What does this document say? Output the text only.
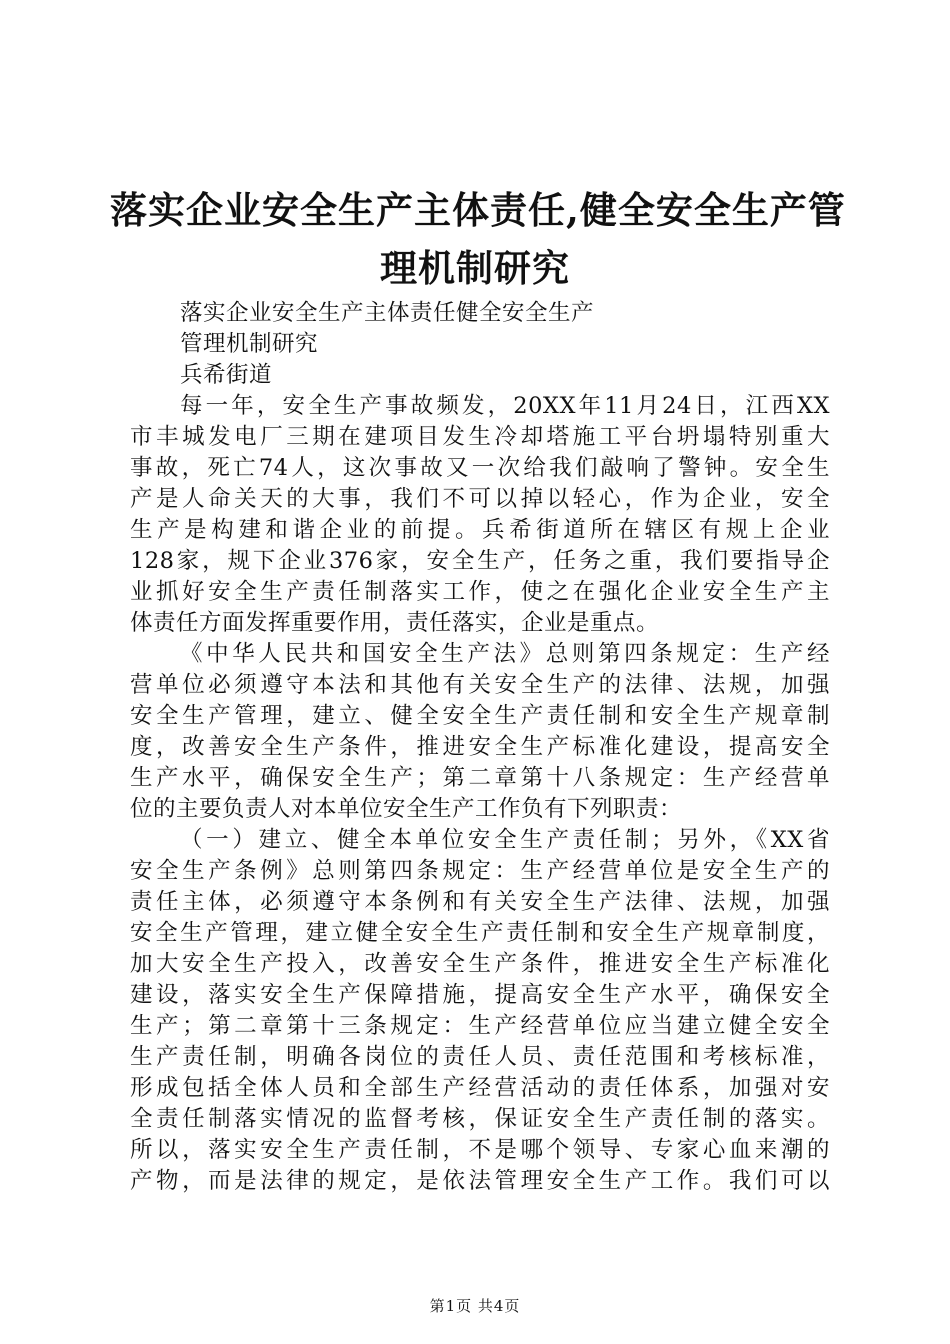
落实企业安全生产主体责任,健全安全生产管
理机制研究
落实企业安全生产主体责任健全安全生产
管理机制研究
兵希街道
每一年，安全生产事故频发，20XX年11月24日，江西XX
市丰城发电厂三期在建项目发生冷却塔施工平台坍塌特别重大
事故，死亡74人，这次事故又一次给我们敲响了警钟。安全生
产是人命关天的大事，我们不可以掉以轻心，作为企业，安全
生产是构建和谐企业的前提。兵希街道所在辖区有规上企业
128家，规下企业376家，安全生产，任务之重，我们要指导企
业抓好安全生产责任制落实工作，使之在强化企业安全生产主
体责任方面发挥重要作用，责任落实，企业是重点。
《中华人民共和国安全生产法》总则第四条规定：生产经
营单位必须遵守本法和其他有关安全生产的法律、法规，加强
安全生产管理，建立、健全安全生产责任制和安全生产规章制
度，改善安全生产条件，推进安全生产标准化建设，提高安全
生产水平，确保安全生产；第二章第十八条规定：生产经营单
位的主要负责人对本单位安全生产工作负有下列职责：
（一）建立、健全本单位安全生产责任制；另外，《XX省
安全生产条例》总则第四条规定：生产经营单位是安全生产的
责任主体，必须遵守本条例和有关安全生产法律、法规，加强
安全生产管理，建立健全安全生产责任制和安全生产规章制度，
加大安全生产投入，改善安全生产条件，推进安全生产标准化
建设，落实安全生产保障措施，提高安全生产水平，确保安全
生产；第二章第十三条规定：生产经营单位应当建立健全安全
生产责任制，明确各岗位的责任人员、责任范围和考核标准，
形成包括全体人员和全部生产经营活动的责任体系，加强对安
全责任制落实情况的监督考核，保证安全生产责任制的落实。
所以，落实安全生产责任制，不是哪个领导、专家心血来潮的
产物，而是法律的规定，是依法管理安全生产工作。我们可以
第1页 共4页
